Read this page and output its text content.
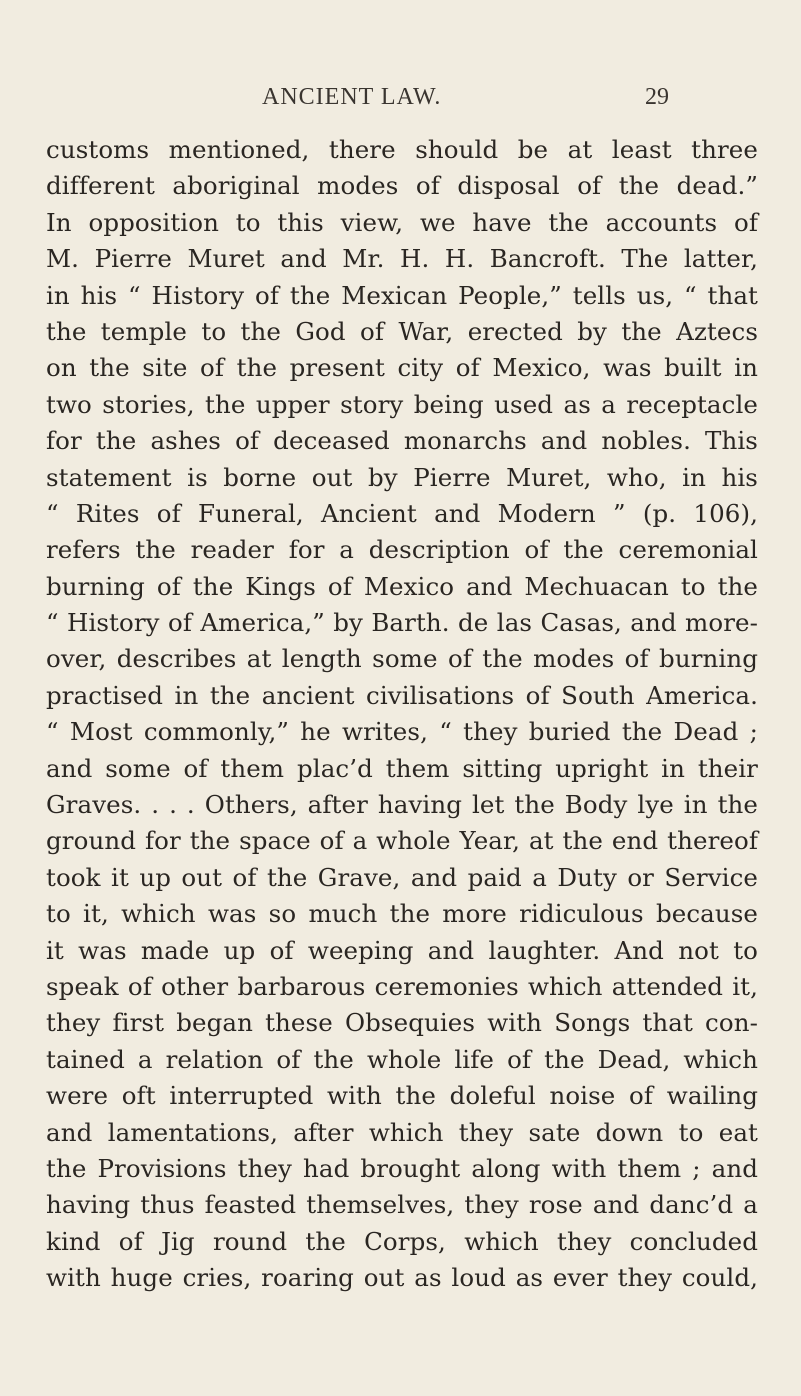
ANCIENT LAW.	29
customs mentioned, there should be at least three
different aboriginal modes of disposal of the dead.”
In opposition to this view, we have the accounts of
M. Pierre Muret and Mr. H. H. Bancroft. The latter,
in his “ History of the Mexican People,” tells us, “ that
the temple to the God of War, erected by the Aztecs
on the site of the present city of Mexico, was built in
two stories, the upper story being used as a receptacle
for the ashes of deceased monarchs and nobles. This
statement is borne out by Pierre Muret, who, in his
“ Rites of Funeral, Ancient and Modern ” (p. 106),
refers the reader for a description of the ceremonial
burning of the Kings of Mexico and Mechuacan to the
“ History of America,” by Barth. de las Casas, and more-
over, describes at length some of the modes of burning
practised in the ancient civilisations of South America.
“ Most commonly,” he writes, “ they buried the Dead ;
and some of them plac’d them sitting upright in their
Graves. . . . Others, after having let the Body lye in the
ground for the space of a whole Year, at the end thereof
took it up out of the Grave, and paid a Duty or Service
to it, which was so much the more ridiculous because
it was made up of weeping and laughter. And not to
speak of other barbarous ceremonies which attended it,
they first began these Obsequies with Songs that con-
tained a relation of the whole life of the Dead, which
were oft interrupted with the doleful noise of wailing
and lamentations, after which they sate down to eat
the Provisions they had brought along with them ; and
having thus feasted themselves, they rose and danc’d a
kind of Jig round the Corps, which they concluded
with huge cries, roaring out as loud as ever they could,
